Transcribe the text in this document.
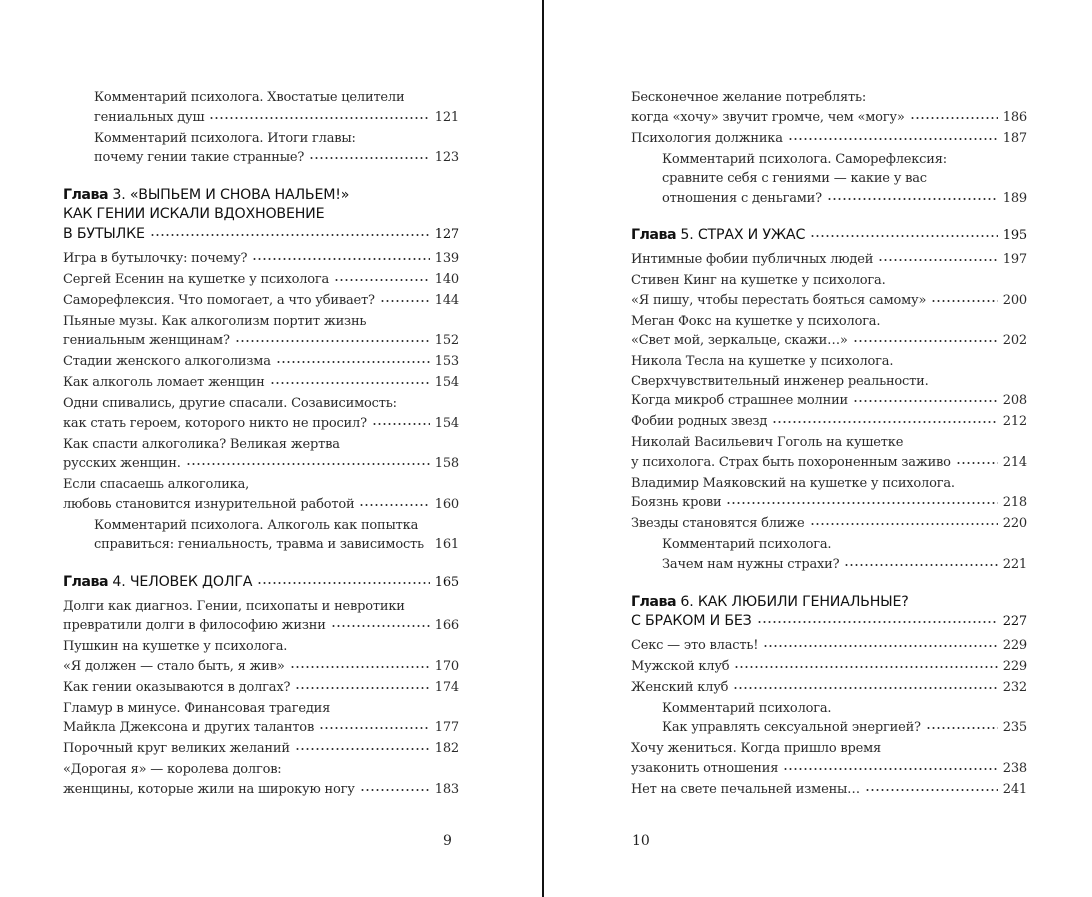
Комментарий психолога. Хвостатые целители
гениальных душ	121
Комментарий психолога. Итоги главы:
почему гении такие странные?	123
Глава 3. «ВЫПЬЕМ И СНОВА НАЛЬЕМ!»
КАК ГЕНИИ ИСКАЛИ ВДОХНОВЕНИЕ
В БУТЫЛКЕ	127
Игра в бутылочку: почему?	139
Сергей Есенин на кушетке у психолога	140
Саморефлексия. Что помогает, а что убивает?	144
Пьяные музы. Как алкоголизм портит жизнь
гениальным женщинам?	152
Стадии женского алкоголизма	153
Как алкоголь ломает женщин	154
Одни спивались, другие спасали. Созависимость:
как стать героем, которого никто не просил?	154
Как спасти алкоголика? Великая жертва
русских женщин.	158
Если спасаешь алкоголика,
любовь становится изнурительной работой	160
Комментарий психолога. Алкоголь как попытка
справиться: гениальность, травма и зависимость 161
Глава 4. ЧЕЛОВЕК ДОЛГА	165
Долги как диагноз. Гении, психопаты и невротики
превратили долги в философию жизни	166
Пушкин на кушетке у психолога.
«Я должен — стало быть, я жив»	170
Как гении оказываются в долгах?	174
Гламур в минусе. Финансовая трагедия
Майкла Джексона и других талантов	177
Порочный круг великих желаний	182
«Дорогая я» — королева долгов:
женщины, которые жили на широкую ногу	183
Бесконечное желание потреблять:
когда «хочу» звучит громче, чем «могу»	186
Психология должника	187
Комментарий психолога. Саморефлексия:
сравните себя с гениями — какие у вас
отношения с деньгами?	189
Глава 5. СТРАХ И УЖАС	195
Интимные фобии публичных людей	197
Стивен Кинг на кушетке у психолога.
«Я пишу, чтобы перестать бояться самому»	200
Меган Фокс на кушетке у психолога.
«Свет мой, зеркальце, скажи…»	202
Никола Тесла на кушетке у психолога.
Сверхчувствительный инженер реальности.
Когда микроб страшнее молнии	208
Фобии родных звезд	212
Николай Васильевич Гоголь на кушетке
у психолога. Страх быть похороненным заживо	214
Владимир Маяковский на кушетке у психолога.
Боязнь крови	218
Звезды становятся ближе	220
Комментарий психолога.
Зачем нам нужны страхи?	221
Глава 6. КАК ЛЮБИЛИ ГЕНИАЛЬНЫЕ?
С БРАКОМ И БЕЗ	227
Секс — это власть!	229
Мужской клуб	229
Женский клуб	232
Комментарий психолога.
Как управлять сексуальной энергией?	235
Хочу жениться. Когда пришло время
узаконить отношения	238
Нет на свете печальней измены…	241
9	10
